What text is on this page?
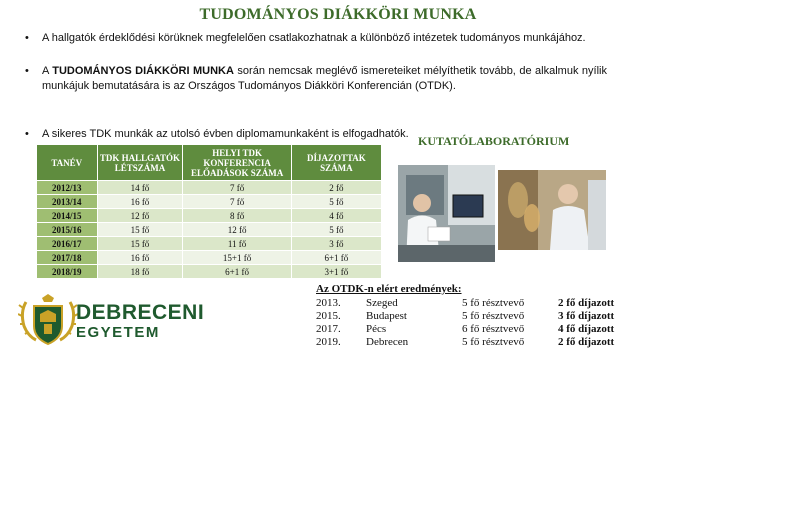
TUDOMÁNYOS DIÁKKÖRI MUNKA
• A hallgatók érdeklődési körüknek megfelelően csatlakozhatnak a különböző intézetek tudományos munkájához.
• A TUDOMÁNYOS DIÁKKÖRI MUNKA során nemcsak meglévő ismereteiket mélyíthetik tovább, de alkalmuk nyílik munkájuk bemutatására is az Országos Tudományos Diákköri Konferencián (OTDK).
• A sikeres TDK munkák az utolsó évben diplomamunkaként is elfogadhatók.
TANÉV	TDK HALLGATÓK LÉTSZÁMA	HELYI TDK KONFERENCIA ELŐADÁSOK SZÁMA	DÍJAZOTTAK SZÁMA
2012/13	14 fő	7 fő	2 fő
2013/14	16 fő	7 fő	5 fő
2014/15	12 fő	8 fő	4 fő
2015/16	15 fő	12 fő	5 fő
2016/17	15 fő	11 fő	3 fő
2017/18	16 fő	15+1 fő	6+1 fő
2018/19	18 fő	6+1 fő	3+1 fő
KUTATÓLABORATÓRIUM
DEBRECENI
EGYETEM
Az OTDK-n elért eredmények:
2013. Szeged	5 fő résztvevő	2 fő díjazott
2015. Budapest	5 fő résztvevő	3 fő díjazott
2017. Pécs	6 fő résztvevő	4 fő díjazott
2019. Debrecen	5 fő résztvevő	2 fő díjazott
